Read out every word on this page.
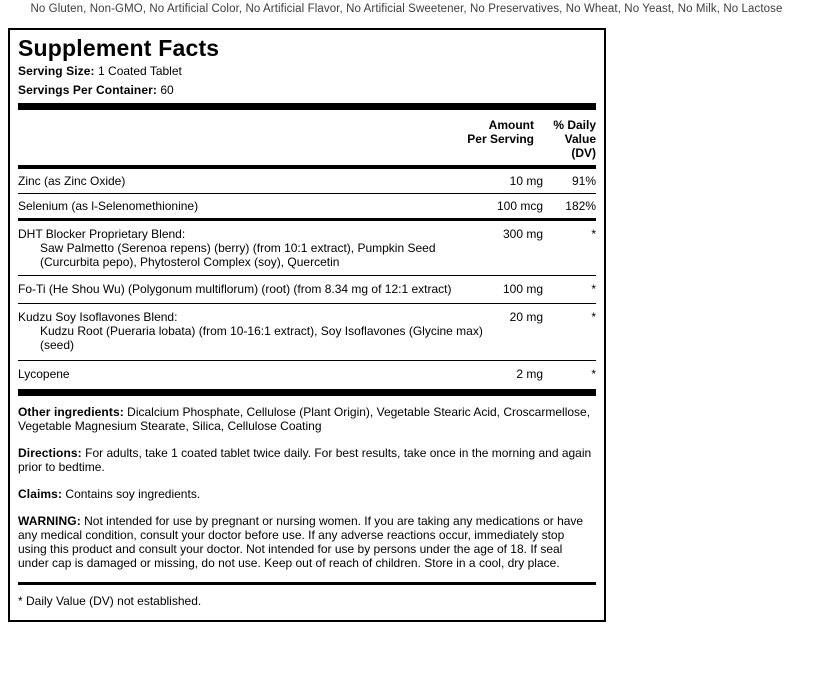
No Gluten, Non-GMO, No Artificial Color, No Artificial Flavor, No Artificial Sweetener, No Preservatives, No Wheat, No Yeast, No Milk, No Lactose
Supplement Facts
Serving Size: 1 Coated Tablet
Servings Per Container: 60
Amount
Per Serving
% Daily
Value
(DV)
Zinc (as Zinc Oxide)	10 mg	91%
Selenium (as l-Selenomethionine)	100 mcg	182%
DHT Blocker Proprietary Blend:	300 mg	*
Saw Palmetto (Serenoa repens) (berry) (from 10:1 extract), Pumpkin Seed (Curcurbita pepo), Phytosterol Complex (soy), Quercetin
Fo-Ti (He Shou Wu) (Polygonum multiflorum) (root) (from 8.34 mg of 12:1 extract)	100 mg	*
Kudzu Soy Isoflavones Blend:	20 mg	*
Kudzu Root (Pueraria lobata) (from 10-16:1 extract), Soy Isoflavones (Glycine max) (seed)
Lycopene	2 mg	*
Other ingredients: Dicalcium Phosphate, Cellulose (Plant Origin), Vegetable Stearic Acid, Croscarmellose, Vegetable Magnesium Stearate, Silica, Cellulose Coating
Directions: For adults, take 1 coated tablet twice daily. For best results, take once in the morning and again prior to bedtime.
Claims: Contains soy ingredients.
WARNING: Not intended for use by pregnant or nursing women. If you are taking any medications or have any medical condition, consult your doctor before use. If any adverse reactions occur, immediately stop using this product and consult your doctor. Not intended for use by persons under the age of 18. If seal under cap is damaged or missing, do not use. Keep out of reach of children. Store in a cool, dry place.
* Daily Value (DV) not established.
